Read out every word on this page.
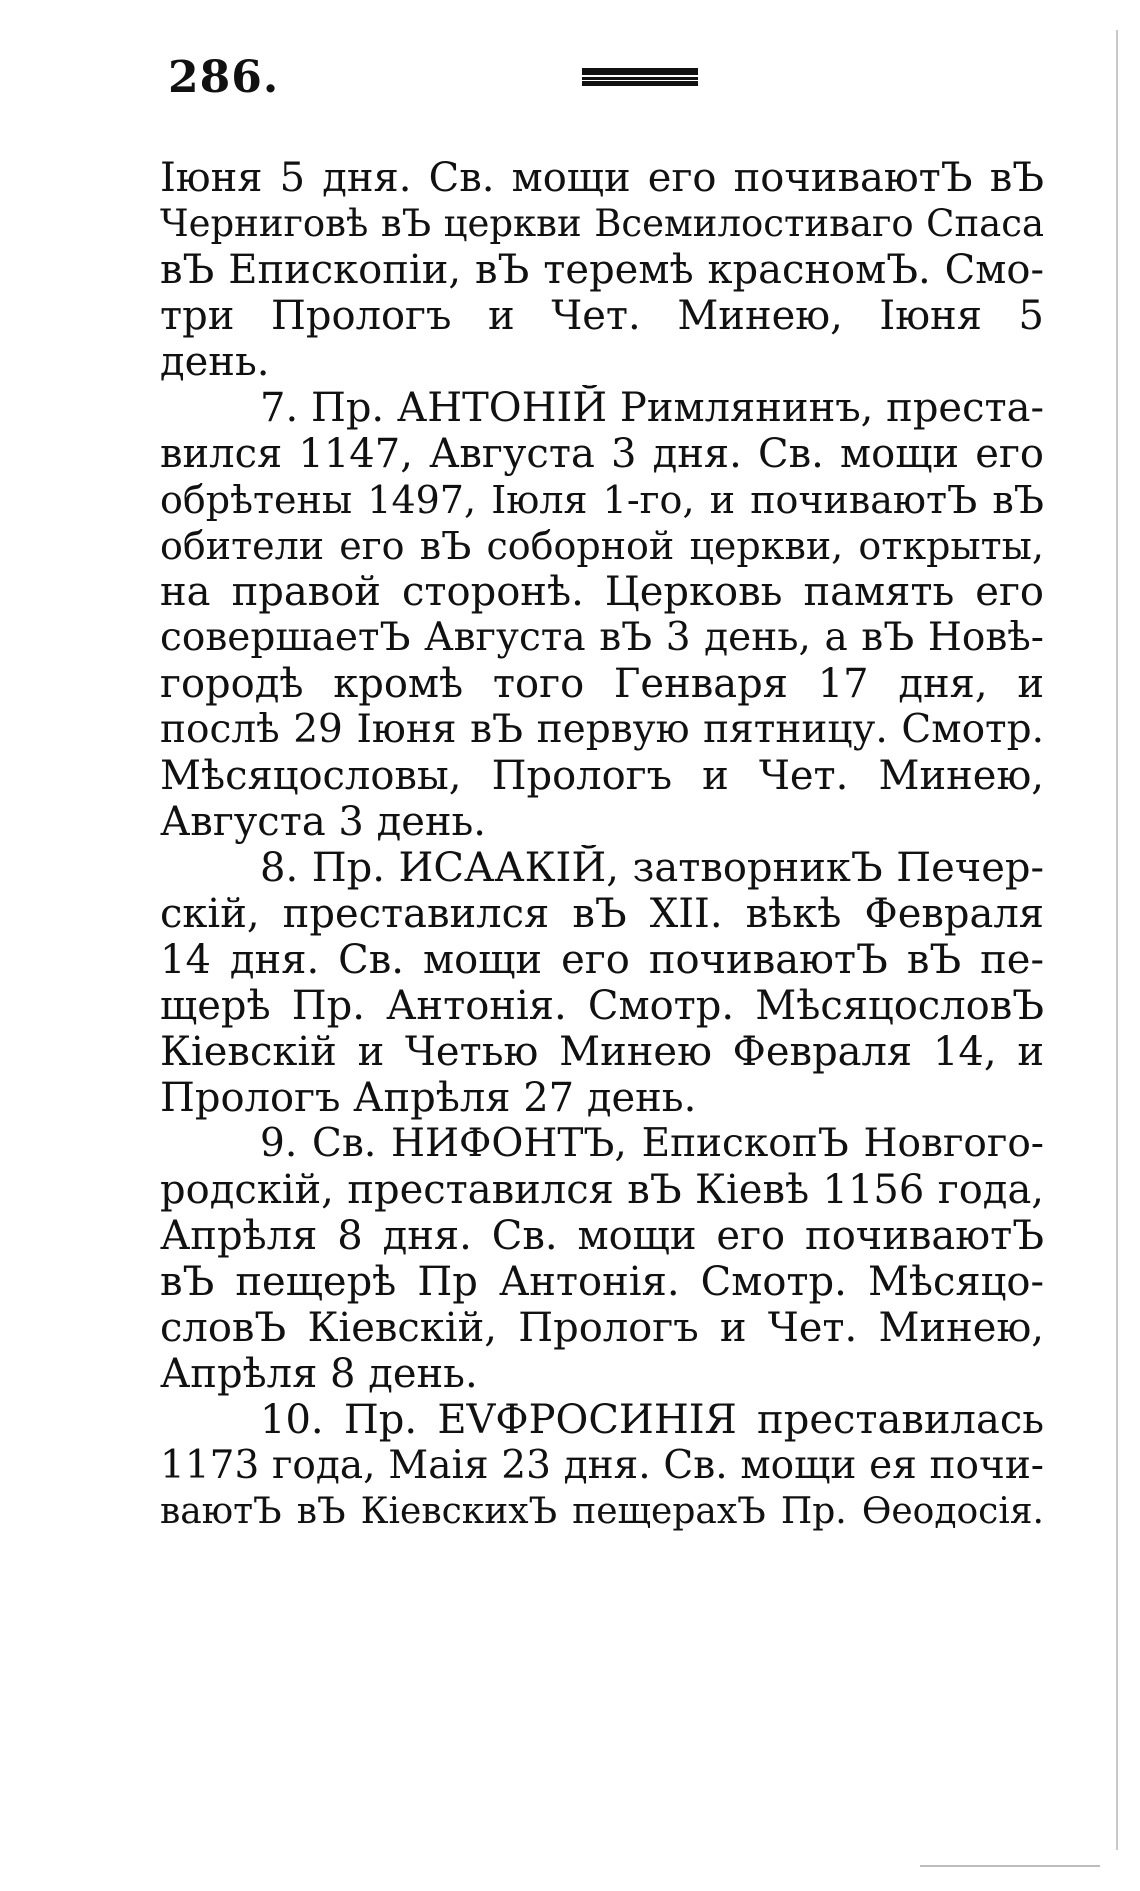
286.
Іюня 5 дня. Св. мощи его почиваютЪ вЪ
Черниговѣ вЪ церкви Всемилостиваго Спаса
вЪ Епископіи, вЪ теремѣ красномЪ. Смо-
три Прологъ и Чет. Минею, Іюня 5
день.
7. Пр. АНТОНІЙ Римлянинъ, преста-
вился 1147, Августа 3 дня. Св. мощи его
обрѣтены 1497, Іюля 1-го, и почиваютЪ вЪ
обители его вЪ соборной церкви, открыты,
на правой сторонѣ. Церковь память его
совершаетЪ Августа вЪ 3 день, а вЪ Новѣ-
городѣ кромѣ того Генваря 17 дня, и
послѣ 29 Іюня вЪ первую пятницу. Смотр.
Мѣсяцословы, Прологъ и Чет. Минею,
Августа 3 день.
8. Пр. ИСААКІЙ, затворникЪ Печер-
скій, преставился вЪ XII. вѣкѣ Февраля
14 дня. Св. мощи его почиваютЪ вЪ пе-
щерѣ Пр. Антонія. Смотр. МѣсяцословЪ
Кіевскій и Четью Минею Февраля 14, и
Прологъ Апрѣля 27 день.
9. Св. НИФОНТЪ, ЕпископЪ Новгого-
родскій, преставился вЪ Кіевѣ 1156 года,
Апрѣля 8 дня. Св. мощи его почиваютЪ
вЪ пещерѣ Пр Антонія. Смотр. Мѣсяцо-
словЪ Кіевскій, Прологъ и Чет. Минею,
Апрѣля 8 день.
10. Пр. ЕVФРОСИНІЯ преставилась
1173 года, Маія 23 дня. Св. мощи ея почи-
ваютЪ вЪ КіевскихЪ пещерахЪ Пр. Ѳеодосія.
